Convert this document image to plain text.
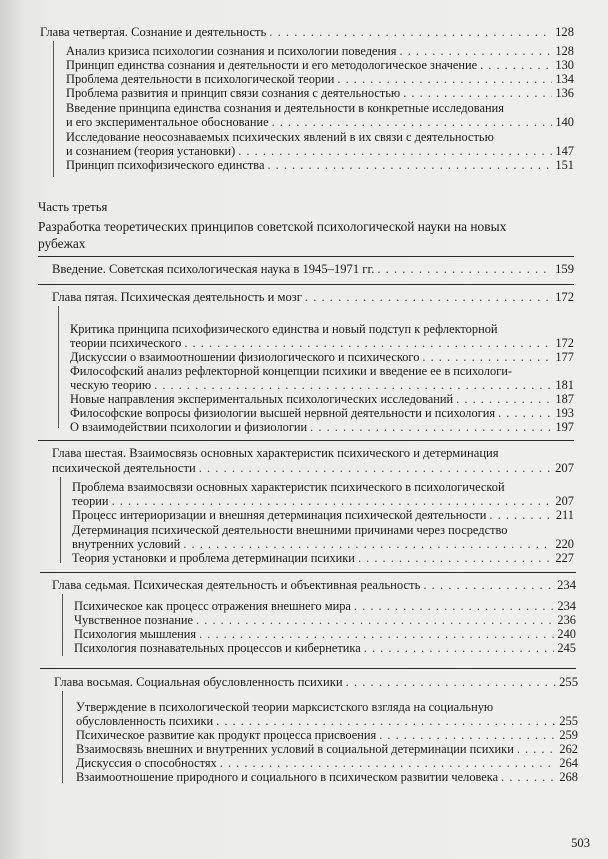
Глава четвертая. Сознание и деятельность . . .	128
Анализ кризиса психологии сознания и психологии поведения . . .	128
Принцип единства сознания и деятельности и его методологическое значение . . .	130
Проблема деятельности в психологической теории . . .	134
Проблема развития и принцип связи сознания с деятельностью . . .	136
Введение принципа единства сознания и деятельности в конкретные исследования
и его экспериментальное обоснование . . .	140
Исследование неосознаваемых психических явлений в их связи с деятельностью
и сознанием (теория установки) . . .	147
Принцип психофизического единства . . .	151
Часть третья
Разработка теоретических принципов советской психологической науки на новых рубежах
Введение. Советская психологическая наука в 1945–1971 гг. . . .	159
Глава пятая. Психическая деятельность и мозг . . .	172
Критика принципа психофизического единства и новый подступ к рефлекторной
теории психического . . .	172
Дискуссии о взаимоотношении физиологического и психического . . .	177
Философский анализ рефлекторной концепции психики и введение ее в психологи-
ческую теорию . . .	181
Новые направления экспериментальных психологических исследований . . .	187
Философские вопросы физиологии высшей нервной деятельности и психология . . .	193
О взаимодействии психологии и физиологии . . .	197
Глава шестая. Взаимосвязь основных характеристик психического и детерминация
психической деятельности . . .	207
Проблема взаимосвязи основных характеристик психического в психологической
теории . . .	207
Процесс интериоризации и внешняя детерминация психической деятельности . . .	211
Детерминация психической деятельности внешними причинами через посредство
внутренних условий . . .	220
Теория установки и проблема детерминации психики . . .	227
Глава седьмая. Психическая деятельность и объективная реальность . . .	234
Психическое как процесс отражения внешнего мира . . .	234
Чувственное познание . . .	236
Психология мышления . . .	240
Психология познавательных процессов и кибернетика . . .	245
Глава восьмая. Социальная обусловленность психики . . .	255
Утверждение в психологической теории марксистского взгляда на социальную
обусловленность психики . . .	255
Психическое развитие как продукт процесса присвоения . . .	259
Взаимосвязь внешних и внутренних условий в социальной детерминации психики . . .	262
Дискуссия о способностях . . .	264
Взаимоотношение природного и социального в психическом развитии человека . . .	268
503
